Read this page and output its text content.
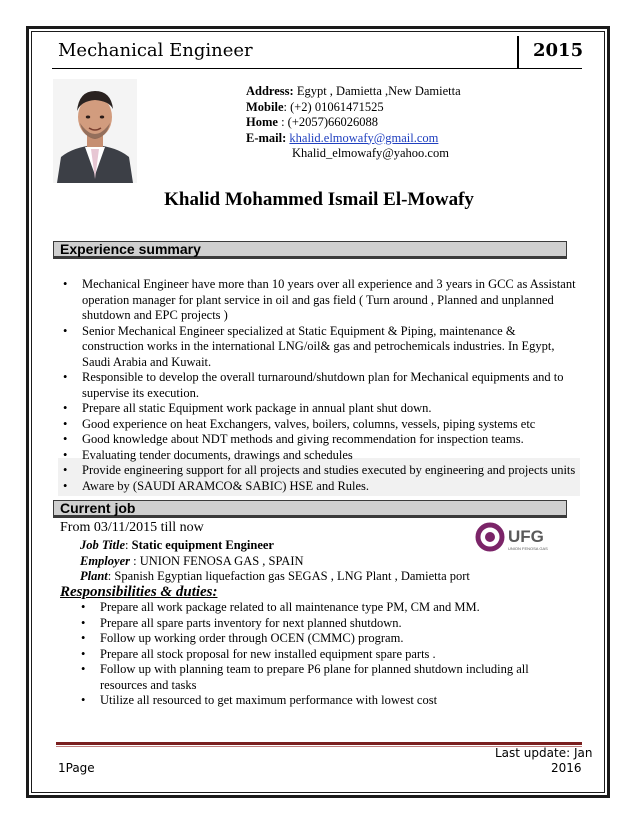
Mechanical Engineer	2015
Address: Egypt , Damietta ,New Damietta
Mobile: (+2) 01061471525
Home : (+2057)66026088
E-mail: khalid.elmowafy@gmail.com
Khalid_elmowafy@yahoo.com
Khalid Mohammed Ismail El-Mowafy
Experience summary
• Mechanical Engineer have more than 10 years over all experience and 3 years in GCC as Assistant operation manager for plant service in oil and gas field ( Turn around , Planned and unplanned shutdown and EPC projects )
• Senior Mechanical Engineer specialized at Static Equipment & Piping, maintenance & construction works in the international LNG/oil& gas and petrochemicals industries. In Egypt, Saudi Arabia and Kuwait.
• Responsible to develop the overall turnaround/shutdown plan for Mechanical equipments and to supervise its execution.
• Prepare all static Equipment work package in annual plant shut down.
• Good experience on heat Exchangers, valves, boilers, columns, vessels, piping systems etc
• Good knowledge about NDT methods and giving recommendation for inspection teams.
• Evaluating tender documents, drawings and schedules
• Provide engineering support for all projects and studies executed by engineering and projects units
• Aware by (SAUDI ARAMCO& SABIC) HSE and Rules.
Current job
From 03/11/2015 till now
Job Title: Static equipment Engineer
Employer : UNION FENOSA GAS , SPAIN
Plant: Spanish Egyptian liquefaction gas SEGAS , LNG Plant , Damietta port
UFG
UNION FENOSA GAS
Responsibilities & duties:
• Prepare all work package related to all maintenance type PM, CM and MM.
• Prepare all spare parts inventory for next planned shutdown.
• Follow up working order through OCEN (CMMC) program.
• Prepare all stock proposal for new installed equipment spare parts .
• Follow up with planning team to prepare P6 plane for planned shutdown including all resources and tasks
• Utilize all resourced to get maximum performance with lowest cost
Last update: Jan
2016
1Page
